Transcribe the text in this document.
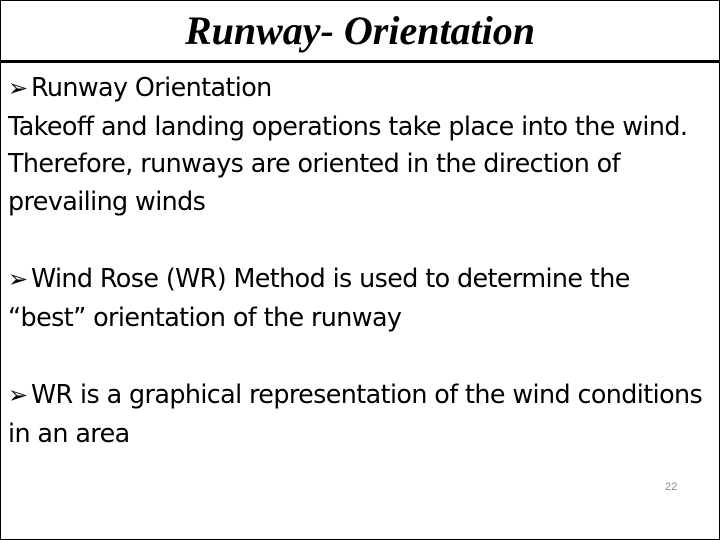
Runway- Orientation

➢ Runway Orientation
Takeoff and landing operations take place into the wind. Therefore, runways are oriented in the direction of prevailing winds

➢ Wind Rose (WR) Method is used to determine the “best” orientation of the runway

➢ WR is a graphical representation of the wind conditions in an area

22
